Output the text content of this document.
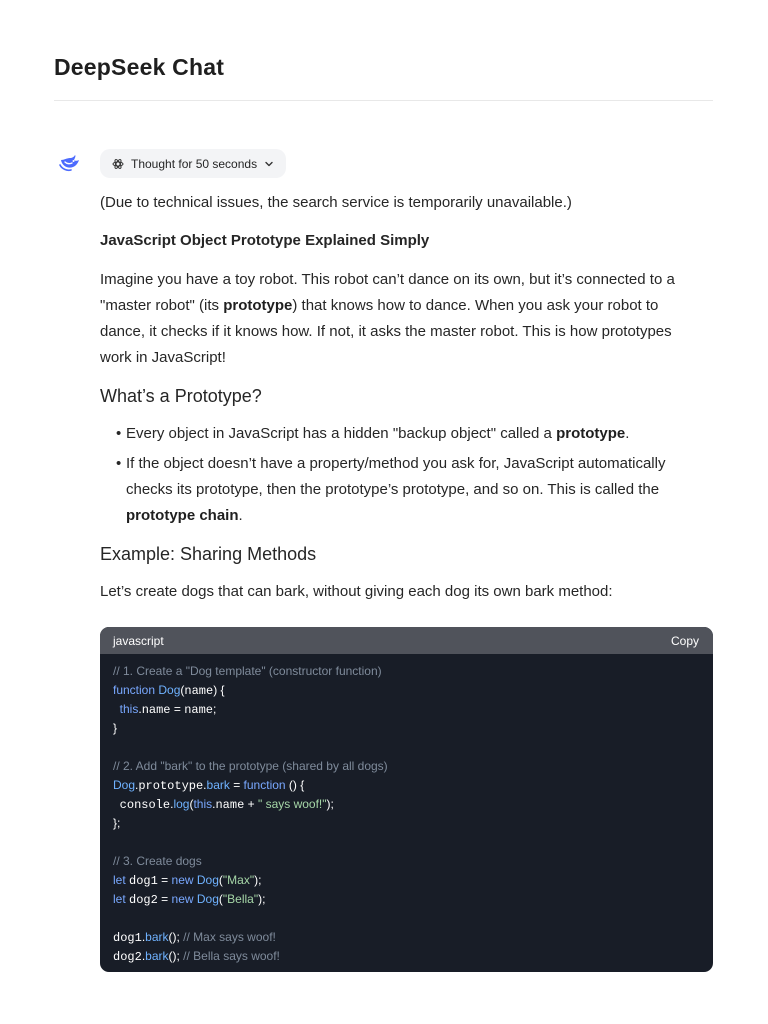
DeepSeek Chat
Thought for 50 seconds

(Due to technical issues, the search service is temporarily unavailable.)

JavaScript Object Prototype Explained Simply

Imagine you have a toy robot. This robot can’t dance on its own, but it’s connected to a "master robot" (its prototype) that knows how to dance. When you ask your robot to dance, it checks if it knows how. If not, it asks the master robot. This is how prototypes work in JavaScript!

What’s a Prototype?

• Every object in JavaScript has a hidden "backup object" called a prototype.
• If the object doesn’t have a property/method you ask for, JavaScript automatically checks its prototype, then the prototype’s prototype, and so on. This is called the prototype chain.

Example: Sharing Methods

Let’s create dogs that can bark, without giving each dog its own bark method:

javascript	Copy
// 1. Create a "Dog template" (constructor function)
function Dog(name) {
this.name = name;
}
// 2. Add "bark" to the prototype (shared by all dogs)
Dog.prototype.bark = function () {
console.log(this.name + " says woof!");
};
// 3. Create dogs
let dog1 = new Dog("Max");
let dog2 = new Dog("Bella");
dog1.bark(); // Max says woof!
dog2.bark(); // Bella says woof!
